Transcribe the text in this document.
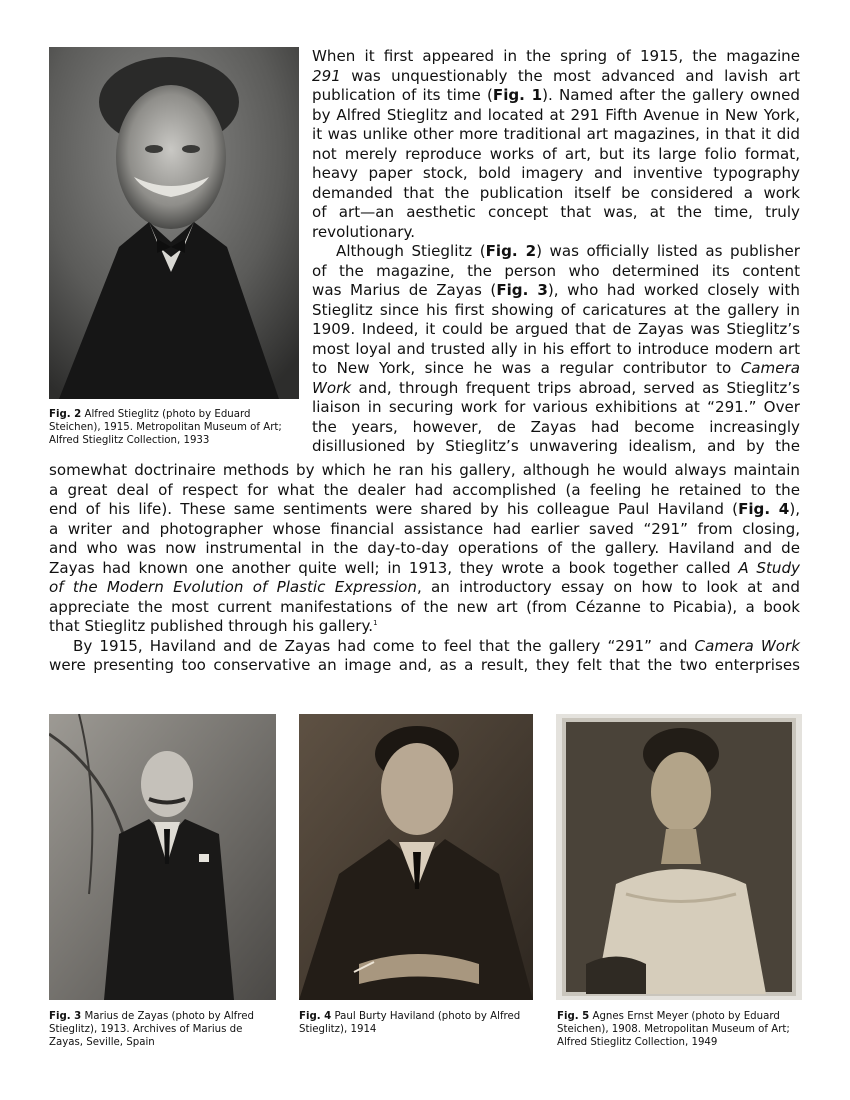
Fig. 2 Alfred Stieglitz (photo by Eduard Steichen), 1915. Metropolitan Museum of Art; Alfred Stieglitz Collection, 1933
When it first appeared in the spring of 1915, the magazine
291 was unquestionably the most advanced and lavish art
publication of its time (Fig. 1). Named after the gallery owned
by Alfred Stieglitz and located at 291 Fifth Avenue in New York,
it was unlike other more traditional art magazines, in that it did
not merely reproduce works of art, but its large folio format,
heavy paper stock, bold imagery and inventive typography
demanded that the publication itself be considered a work
of art—an aesthetic concept that was, at the time, truly
revolutionary.
Although Stieglitz (Fig. 2) was officially listed as publisher
of the magazine, the person who determined its content
was Marius de Zayas (Fig. 3), who had worked closely with
Stieglitz since his first showing of caricatures at the gallery in
1909. Indeed, it could be argued that de Zayas was Stieglitz’s
most loyal and trusted ally in his effort to introduce modern art
to New York, since he was a regular contributor to Camera
Work and, through frequent trips abroad, served as Stieglitz’s
liaison in securing work for various exhibitions at “291.” Over
the years, however, de Zayas had become increasingly
disillusioned by Stieglitz’s unwavering idealism, and by the
somewhat doctrinaire methods by which he ran his gallery, although he would always maintain
a great deal of respect for what the dealer had accomplished (a feeling he retained to the
end of his life). These same sentiments were shared by his colleague Paul Haviland (Fig. 4),
a writer and photographer whose financial assistance had earlier saved “291” from closing,
and who was now instrumental in the day-to-day operations of the gallery. Haviland and de
Zayas had known one another quite well; in 1913, they wrote a book together called A Study
of the Modern Evolution of Plastic Expression, an introductory essay on how to look at and
appreciate the most current manifestations of the new art (from Cézanne to Picabia), a book
that Stieglitz published through his gallery.$^1$
By 1915, Haviland and de Zayas had come to feel that the gallery “291” and Camera Work
were presenting too conservative an image and, as a result, they felt that the two enterprises
Fig. 3 Marius de Zayas (photo by Alfred Stieglitz), 1913. Archives of Marius de Zayas, Seville, Spain
Fig. 4 Paul Burty Haviland (photo by Alfred Stieglitz), 1914
Fig. 5 Agnes Ernst Meyer (photo by Eduard Steichen), 1908. Metropolitan Museum of Art; Alfred Stieglitz Collection, 1949
